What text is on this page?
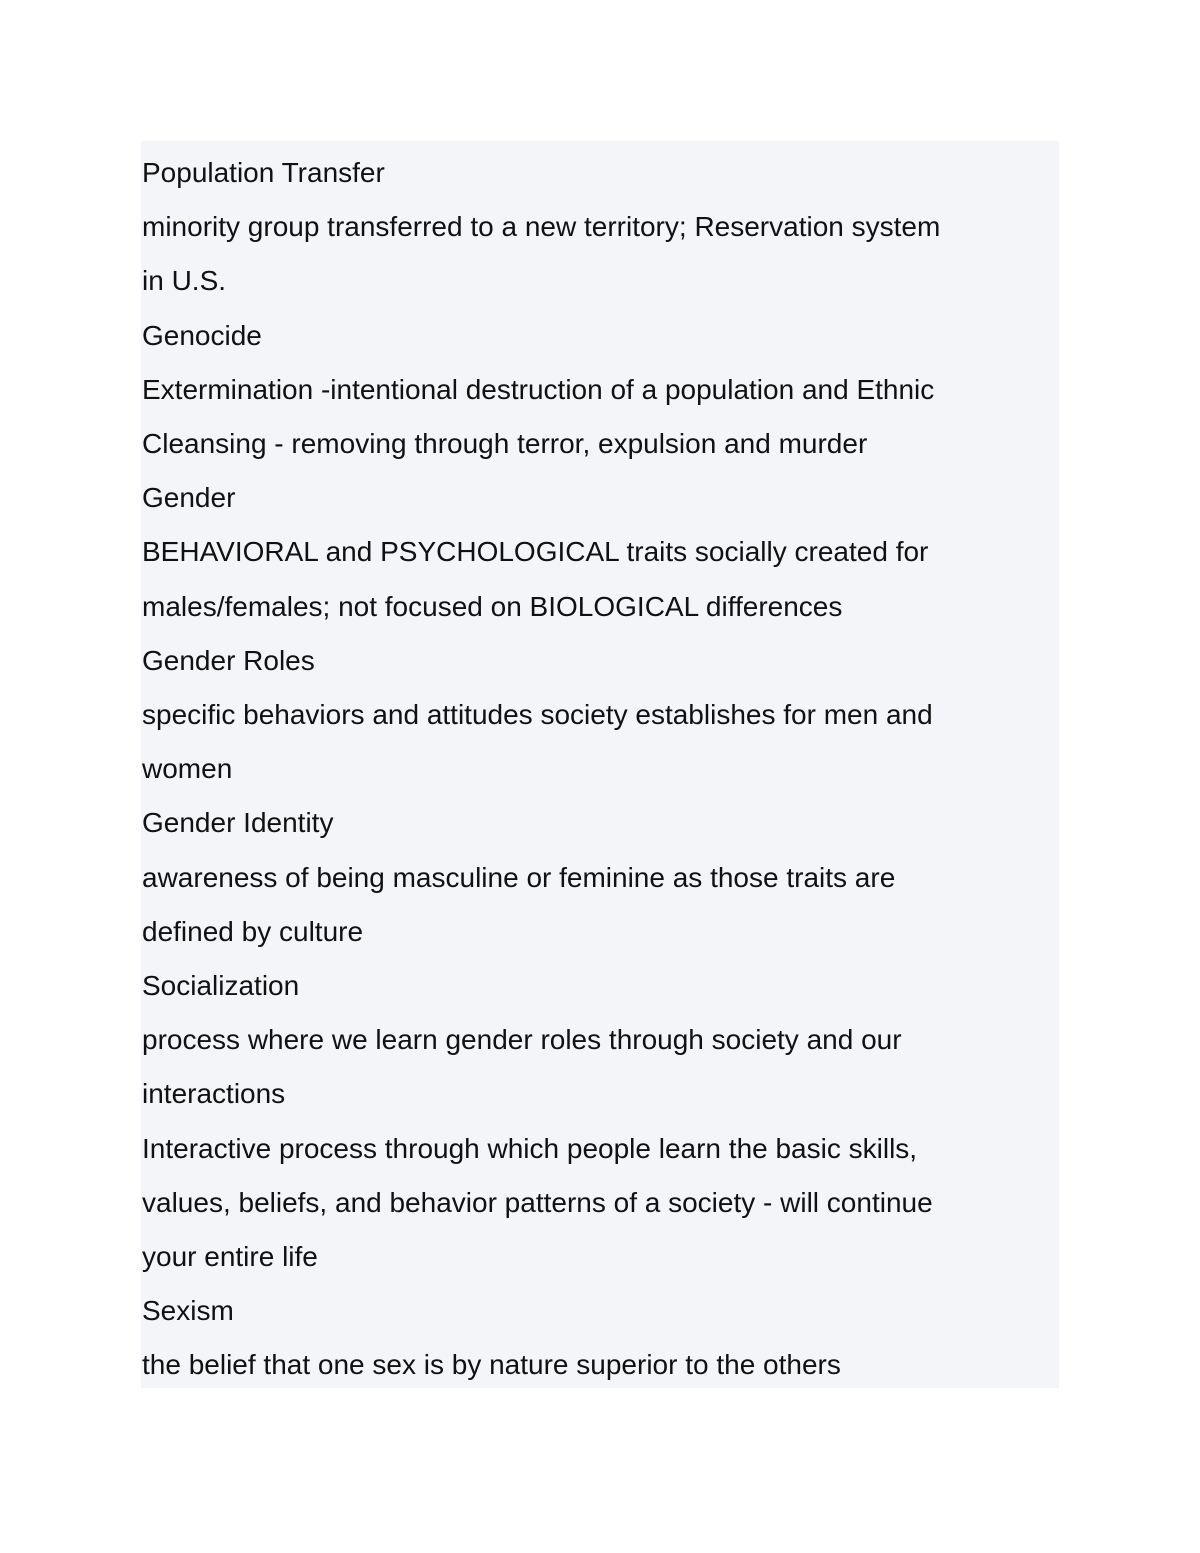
Population Transfer

minority group transferred to a new territory; Reservation system

in U.S.

Genocide

Extermination -intentional destruction of a population and Ethnic

Cleansing - removing through terror, expulsion and murder

Gender

BEHAVIORAL and PSYCHOLOGICAL traits socially created for

males/females; not focused on BIOLOGICAL differences

Gender Roles

specific behaviors and attitudes society establishes for men and

women

Gender Identity

awareness of being masculine or feminine as those traits are

defined by culture

Socialization

process where we learn gender roles through society and our

interactions

Interactive process through which people learn the basic skills,

values, beliefs, and behavior patterns of a society - will continue

your entire life

Sexism

the belief that one sex is by nature superior to the others
